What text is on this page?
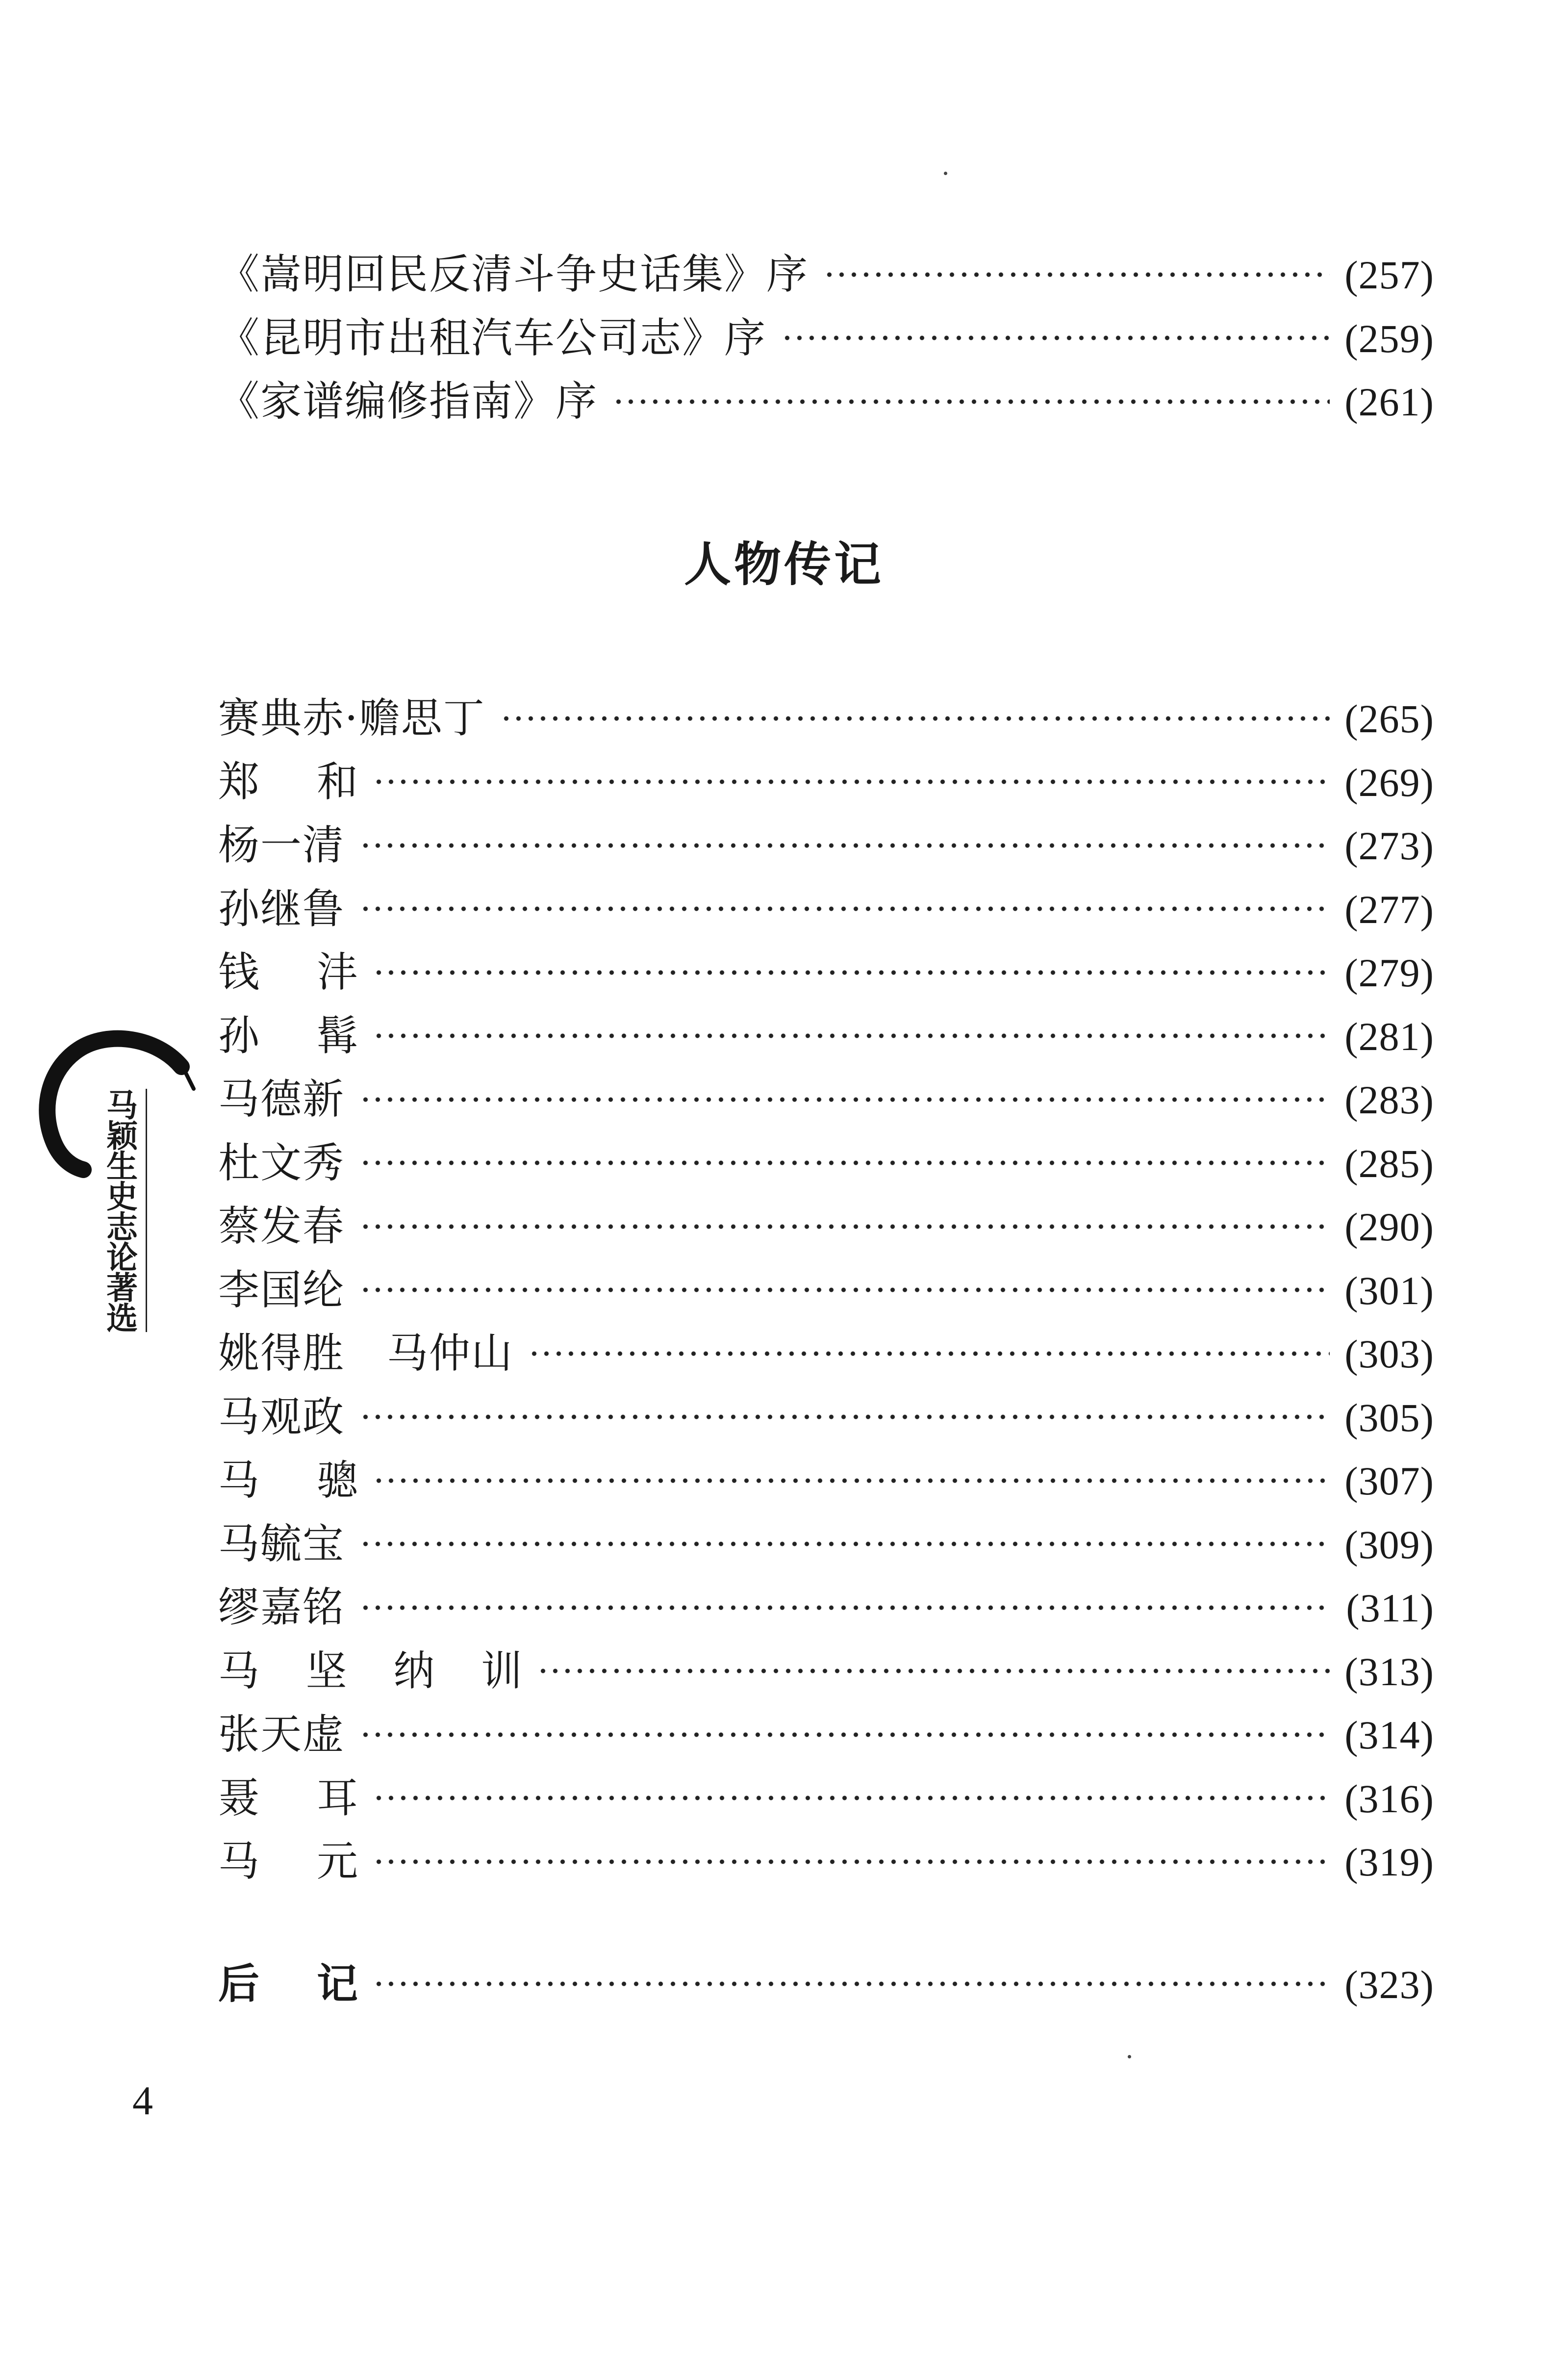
《嵩明回民反清斗争史话集》序	(257)
《昆明市出租汽车公司志》序	(259)
《家谱编修指南》序	(261)
人物传记
赛典赤·赡思丁	(265)
郑 和	(269)
杨一清	(273)
孙继鲁	(277)
钱 沣	(279)
孙 髯	(281)
马德新	(283)
杜文秀	(285)
蔡发春	(290)
李国纶	(301)
姚得胜　马仲山	(303)
马观政	(305)
马 骢	(307)
马毓宝	(309)
缪嘉铭	(311)
马 坚 纳 训	(313)
张天虚	(314)
聂 耳	(316)
马 元	(319)
后 记	(323)
马颖生史志论著选
4
